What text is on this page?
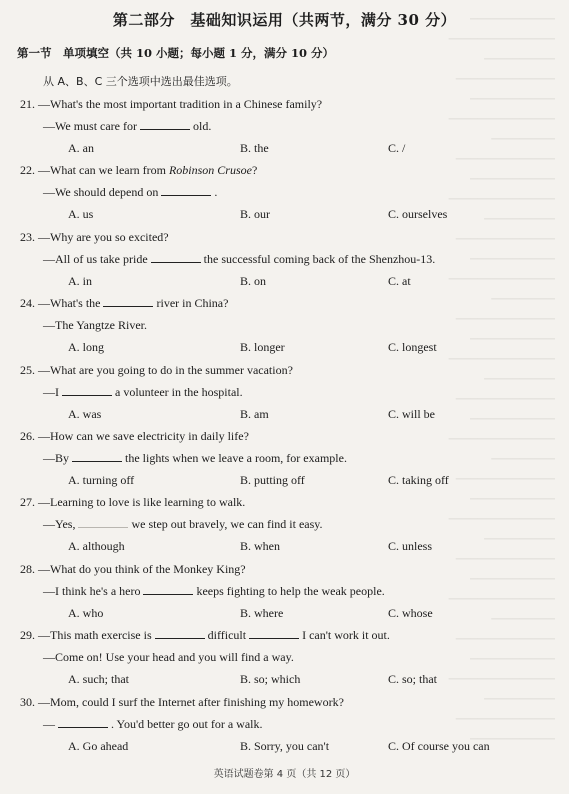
────────────
───────────────
──────────
──────────────
────────────
───────────────
─────────
──────────────
────────────
───────────────
──────────
──────────────
────────────
───────────────
─────────
──────────────
────────────
───────────────
──────────
──────────────
────────────
───────────────
─────────
──────────────
────────────
───────────────
──────────
──────────────
────────────
───────────────
─────────
──────────────
────────────
───────────────
──────────
──────────────
────────────
第二部分　基础知识运用（共两节，满分 30 分）
第一节　单项填空（共 10 小题；每小题 1 分，满分 10 分）
从 A、B、C 三个选项中选出最佳选项。
21. —What's the most important tradition in a Chinese family?
—We must care for	old.
A. an	B. the	C. /
22. —What can we learn from Robinson Crusoe?
—We should depend on	.
A. us	B. our	C. ourselves
23. —Why are you so excited?
—All of us take pride	the successful coming back of the Shenzhou-13.
A. in	B. on	C. at
24. —What's the	river in China?
—The Yangtze River.
A. long	B. longer	C. longest
25. —What are you going to do in the summer vacation?
—I	a volunteer in the hospital.
A. was	B. am	C. will be
26. —How can we save electricity in daily life?
—By	the lights when we leave a room, for example.
A. turning off	B. putting off	C. taking off
27. —Learning to love is like learning to walk.
—Yes,	we step out bravely, we can find it easy.
A. although	B. when	C. unless
28. —What do you think of the Monkey King?
—I think he's a hero	keeps fighting to help the weak people.
A. who	B. where	C. whose
29. —This math exercise is	difficult	I can't work it out.
—Come on! Use your head and you will find a way.
A. such; that	B. so; which	C. so; that
30. —Mom, could I surf the Internet after finishing my homework?
—	. You'd better go out for a walk.
A. Go ahead	B. Sorry, you can't	C. Of course you can
英语试题卷第 4 页（共 12 页）
